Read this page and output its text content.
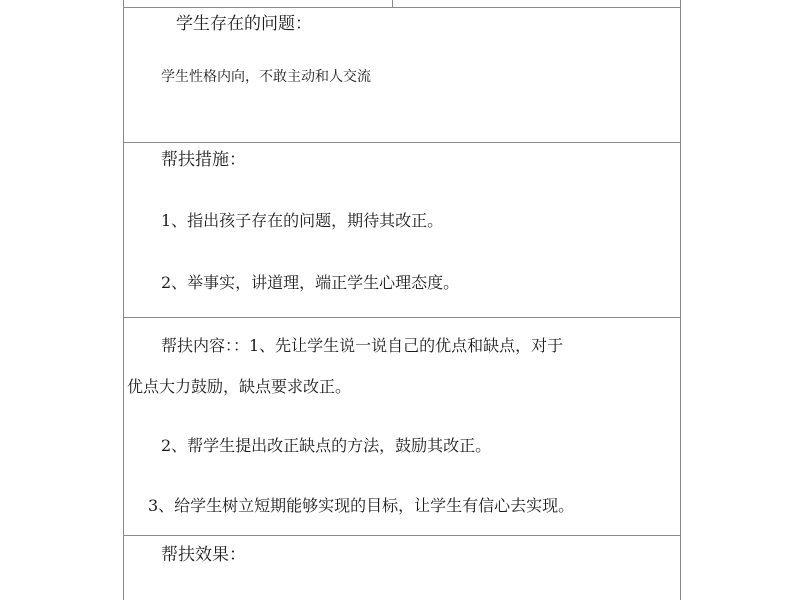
学生存在的问题：
学生性格内向，不敢主动和人交流
帮扶措施：
1、指出孩子存在的问题，期待其改正。
2、举事实，讲道理，端正学生心理态度。
帮扶内容：：1、先让学生说一说自己的优点和缺点，对于
优点大力鼓励，缺点要求改正。
2、帮学生提出改正缺点的方法，鼓励其改正。
3、给学生树立短期能够实现的目标，让学生有信心去实现。
帮扶效果：
